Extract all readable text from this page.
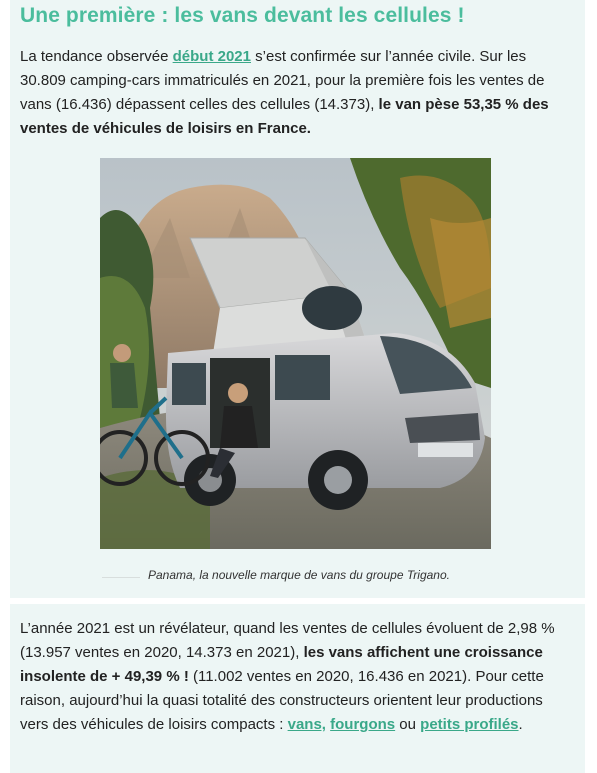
Une première : les vans devant les cellules !
La tendance observée début 2021 s’est confirmée sur l’année civile. Sur les 30.809 camping-cars immatriculés en 2021, pour la première fois les ventes de vans (16.436) dépassent celles des cellules (14.373), le van pèse 53,35 % des ventes de véhicules de loisirs en France.
Panama, la nouvelle marque de vans du groupe Trigano.
L’année 2021 est un révélateur, quand les ventes de cellules évoluent de 2,98 % (13.957 ventes en 2020, 14.373 en 2021), les vans affichent une croissance insolente de + 49,39 % ! (11.002 ventes en 2020, 16.436 en 2021). Pour cette raison, aujourd’hui la quasi totalité des constructeurs orientent leur productions vers des véhicules de loisirs compacts : vans, fourgons ou petits profilés.
